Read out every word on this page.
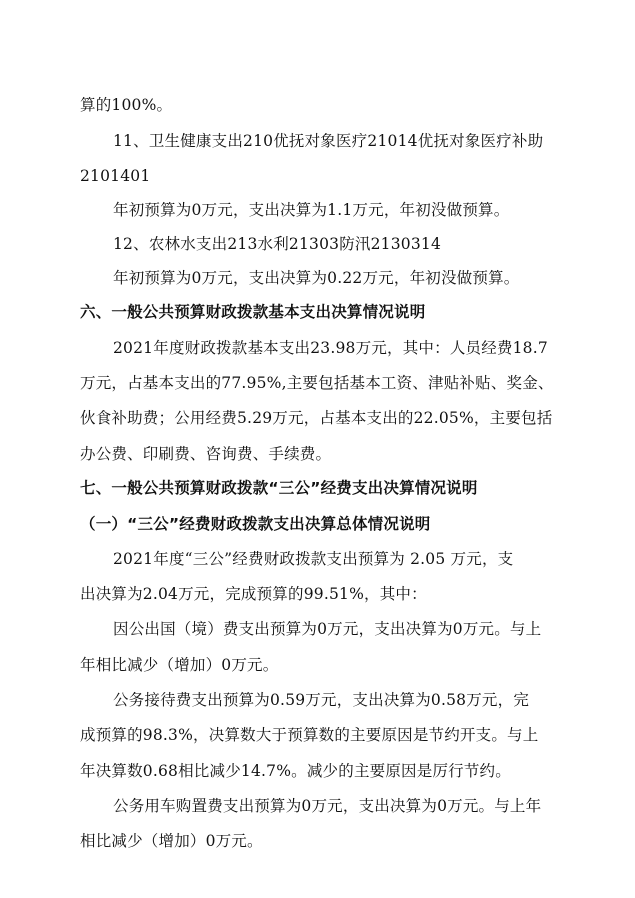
算的100%。
11、卫生健康支出210优抚对象医疗21014优抚对象医疗补助
2101401
年初预算为0万元，支出决算为1.1万元，年初没做预算。
12、农林水支出213水利21303防汛2130314
年初预算为0万元，支出决算为0.22万元，年初没做预算。
六、一般公共预算财政拨款基本支出决算情况说明
2021年度财政拨款基本支出23.98万元，其中：人员经费18.7
万元，占基本支出的77.95%,主要包括基本工资、津贴补贴、奖金、
伙食补助费；公用经费5.29万元，占基本支出的22.05%，主要包括
办公费、印刷费、咨询费、手续费。
七、一般公共预算财政拨款“三公”经费支出决算情况说明
（一）“三公”经费财政拨款支出决算总体情况说明
2021年度“三公”经费财政拨款支出预算为 2.05 万元，支
出决算为2.04万元，完成预算的99.51%，其中：
因公出国（境）费支出预算为0万元，支出决算为0万元。与上
年相比减少（增加）0万元。
公务接待费支出预算为0.59万元，支出决算为0.58万元，完
成预算的98.3%，决算数大于预算数的主要原因是节约开支。与上
年决算数0.68相比减少14.7%。减少的主要原因是厉行节约。
公务用车购置费支出预算为0万元，支出决算为0万元。与上年
相比减少（增加）0万元。
